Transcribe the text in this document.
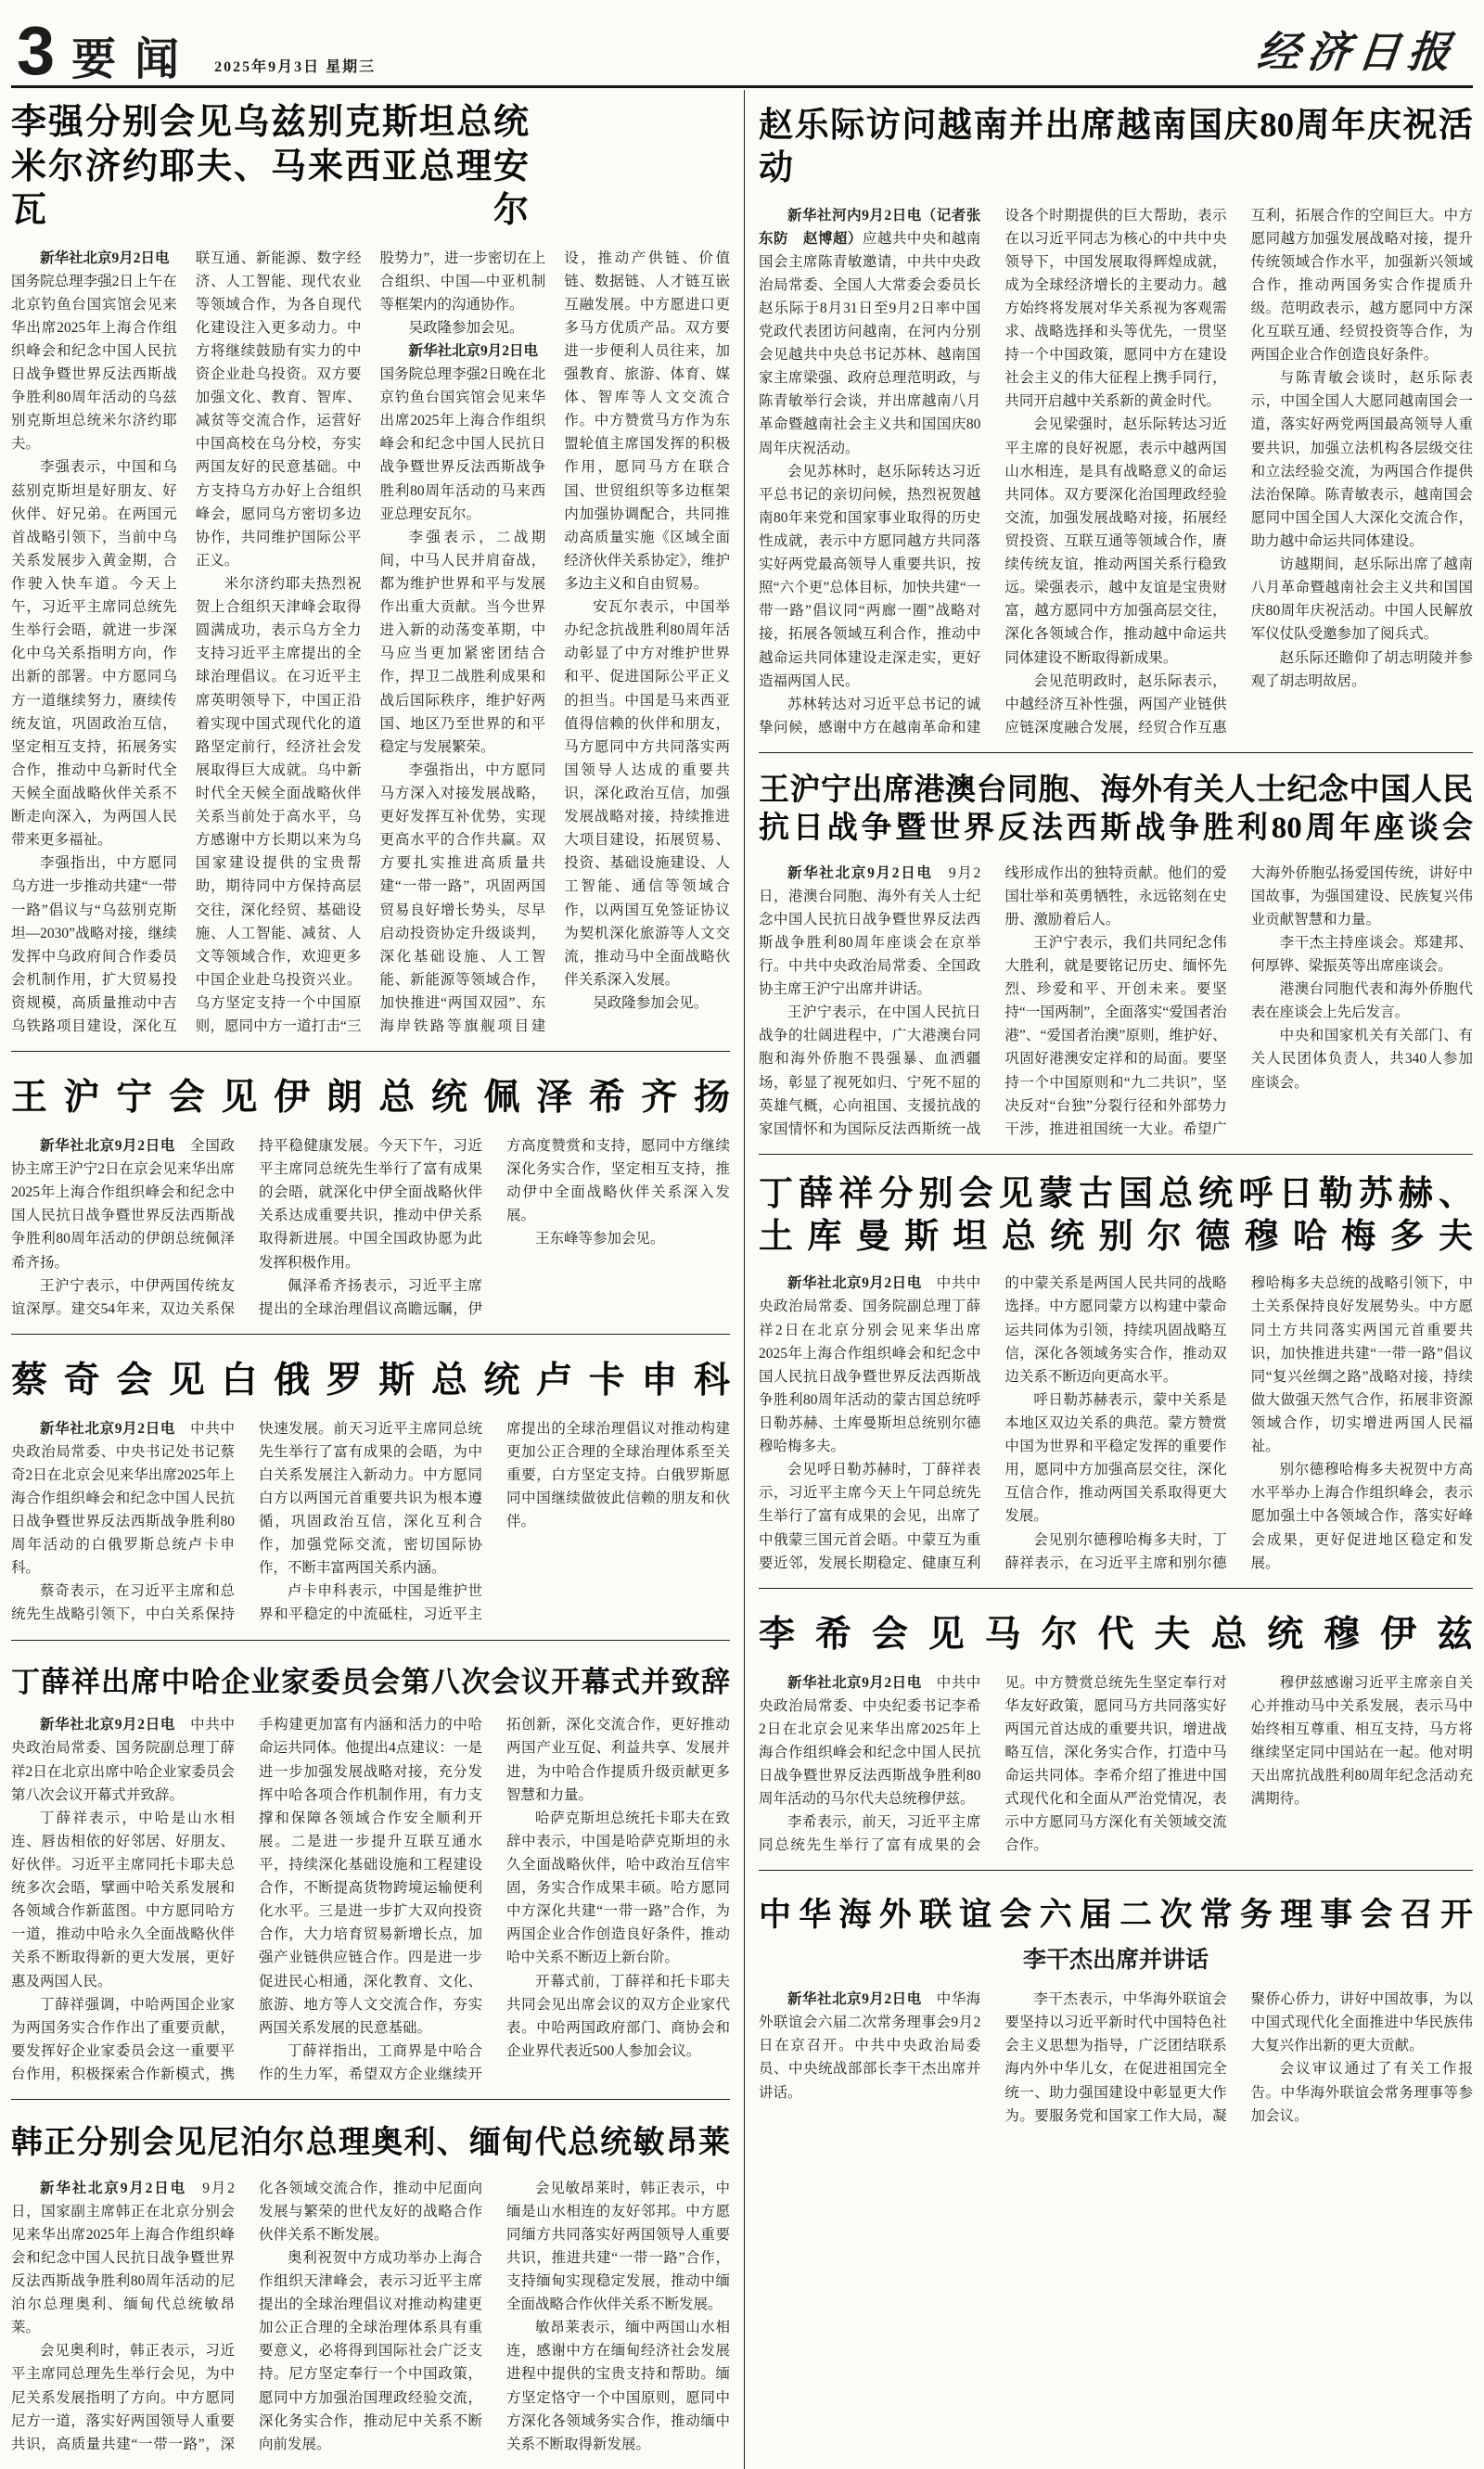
3 要闻 2025年9月3日 星期三	经济日报
李强分别会见乌兹别克斯坦总统
米尔济约耶夫、马来西亚总理安瓦尔

新华社北京9月2日电　国务院总理李强2日上午在北京钓鱼台国宾馆会见来华出席2025年上海合作组织峰会和纪念中国人民抗日战争暨世界反法西斯战争胜利80周年活动的乌兹别克斯坦总统米尔济约耶夫。

李强表示，中国和乌兹别克斯坦是好朋友、好伙伴、好兄弟。在两国元首战略引领下，当前中乌关系发展步入黄金期，合作驶入快车道。今天上午，习近平主席同总统先生举行会晤，就进一步深化中乌关系指明方向，作出新的部署。中方愿同乌方一道继续努力，赓续传统友谊，巩固政治互信，坚定相互支持，拓展务实合作，推动中乌新时代全天候全面战略伙伴关系不断走向深入，为两国人民带来更多福祉。

李强指出，中方愿同乌方进一步推动共建“一带一路”倡议与“乌兹别克斯坦—2030”战略对接，继续发挥中乌政府间合作委员会机制作用，扩大贸易投资规模，高质量推动中吉乌铁路项目建设，深化互联互通、新能源、数字经济、人工智能、现代农业等领域合作，为各自现代化建设注入更多动力。中方将继续鼓励有实力的中资企业赴乌投资。双方要加强文化、教育、智库、减贫等交流合作，运营好中国高校在乌分校，夯实两国友好的民意基础。中方支持乌方办好上合组织峰会，愿同乌方密切多边协作，共同维护国际公平正义。

米尔济约耶夫热烈祝贺上合组织天津峰会取得圆满成功，表示乌方全力支持习近平主席提出的全球治理倡议。在习近平主席英明领导下，中国正沿着实现中国式现代化的道路坚定前行，经济社会发展取得巨大成就。乌中新时代全天候全面战略伙伴关系当前处于高水平，乌方感谢中方长期以来为乌国家建设提供的宝贵帮助，期待同中方保持高层交往，深化经贸、基础设施、人工智能、减贫、人文等领域合作，欢迎更多中国企业赴乌投资兴业。乌方坚定支持一个中国原则，愿同中方一道打击“三股势力”，进一步密切在上合组织、中国—中亚机制等框架内的沟通协作。

吴政隆参加会见。

新华社北京9月2日电　国务院总理李强2日晚在北京钓鱼台国宾馆会见来华出席2025年上海合作组织峰会和纪念中国人民抗日战争暨世界反法西斯战争胜利80周年活动的马来西亚总理安瓦尔。

李强表示，二战期间，中马人民并肩奋战，都为维护世界和平与发展作出重大贡献。当今世界进入新的动荡变革期，中马应当更加紧密团结合作，捍卫二战胜利成果和战后国际秩序，维护好两国、地区乃至世界的和平稳定与发展繁荣。

李强指出，中方愿同马方深入对接发展战略，更好发挥互补优势，实现更高水平的合作共赢。双方要扎实推进高质量共建“一带一路”，巩固两国贸易良好增长势头，尽早启动投资协定升级谈判，深化基础设施、人工智能、新能源等领域合作，加快推进“两国双园”、东海岸铁路等旗舰项目建设，推动产供链、价值链、数据链、人才链互嵌互融发展。中方愿进口更多马方优质产品。双方要进一步便利人员往来，加强教育、旅游、体育、媒体、智库等人文交流合作。中方赞赏马方作为东盟轮值主席国发挥的积极作用，愿同马方在联合国、世贸组织等多边框架内加强协调配合，共同推动高质量实施《区域全面经济伙伴关系协定》，维护多边主义和自由贸易。

安瓦尔表示，中国举办纪念抗战胜利80周年活动彰显了中方对维护世界和平、促进国际公平正义的担当。中国是马来西亚值得信赖的伙伴和朋友，马方愿同中方共同落实两国领导人达成的重要共识，深化政治互信，加强发展战略对接，持续推进大项目建设，拓展贸易、投资、基础设施建设、人工智能、通信等领域合作，以两国互免签证协议为契机深化旅游等人文交流，推动马中全面战略伙伴关系深入发展。

吴政隆参加会见。

王沪宁会见伊朗总统佩泽希齐扬

新华社北京9月2日电　全国政协主席王沪宁2日在京会见来华出席2025年上海合作组织峰会和纪念中国人民抗日战争暨世界反法西斯战争胜利80周年活动的伊朗总统佩泽希齐扬。

王沪宁表示，中伊两国传统友谊深厚。建交54年来，双边关系保持平稳健康发展。今天下午，习近平主席同总统先生举行了富有成果的会晤，就深化中伊全面战略伙伴关系达成重要共识，推动中伊关系取得新进展。中国全国政协愿为此发挥积极作用。

佩泽希齐扬表示，习近平主席提出的全球治理倡议高瞻远瞩，伊方高度赞赏和支持，愿同中方继续深化务实合作，坚定相互支持，推动伊中全面战略伙伴关系深入发展。

王东峰等参加会见。

蔡奇会见白俄罗斯总统卢卡申科

新华社北京9月2日电　中共中央政治局常委、中央书记处书记蔡奇2日在北京会见来华出席2025年上海合作组织峰会和纪念中国人民抗日战争暨世界反法西斯战争胜利80周年活动的白俄罗斯总统卢卡申科。

蔡奇表示，在习近平主席和总统先生战略引领下，中白关系保持快速发展。前天习近平主席同总统先生举行了富有成果的会晤，为中白关系发展注入新动力。中方愿同白方以两国元首重要共识为根本遵循，巩固政治互信，深化互利合作，加强党际交流，密切国际协作，不断丰富两国关系内涵。

卢卡申科表示，中国是维护世界和平稳定的中流砥柱，习近平主席提出的全球治理倡议对推动构建更加公正合理的全球治理体系至关重要，白方坚定支持。白俄罗斯愿同中国继续做彼此信赖的朋友和伙伴。

丁薛祥出席中哈企业家委员会第八次会议开幕式并致辞

新华社北京9月2日电　中共中央政治局常委、国务院副总理丁薛祥2日在北京出席中哈企业家委员会第八次会议开幕式并致辞。

丁薛祥表示，中哈是山水相连、唇齿相依的好邻居、好朋友、好伙伴。习近平主席同托卡耶夫总统多次会晤，擘画中哈关系发展和各领域合作新蓝图。中方愿同哈方一道，推动中哈永久全面战略伙伴关系不断取得新的更大发展，更好惠及两国人民。

丁薛祥强调，中哈两国企业家为两国务实合作作出了重要贡献，要发挥好企业家委员会这一重要平台作用，积极探索合作新模式，携手构建更加富有内涵和活力的中哈命运共同体。他提出4点建议：一是进一步加强发展战略对接，充分发挥中哈各项合作机制作用，有力支撑和保障各领域合作安全顺利开展。二是进一步提升互联互通水平，持续深化基础设施和工程建设合作，不断提高货物跨境运输便利化水平。三是进一步扩大双向投资合作，大力培育贸易新增长点，加强产业链供应链合作。四是进一步促进民心相通，深化教育、文化、旅游、地方等人文交流合作，夯实两国关系发展的民意基础。

丁薛祥指出，工商界是中哈合作的生力军，希望双方企业继续开拓创新，深化交流合作，更好推动两国产业互促、利益共享、发展并进，为中哈合作提质升级贡献更多智慧和力量。

哈萨克斯坦总统托卡耶夫在致辞中表示，中国是哈萨克斯坦的永久全面战略伙伴，哈中政治互信牢固，务实合作成果丰硕。哈方愿同中方深化共建“一带一路”合作，为两国企业合作创造良好条件，推动哈中关系不断迈上新台阶。

开幕式前，丁薛祥和托卡耶夫共同会见出席会议的双方企业家代表。中哈两国政府部门、商协会和企业界代表近500人参加会议。

韩正分别会见尼泊尔总理奥利、缅甸代总统敏昂莱

新华社北京9月2日电　9月2日，国家副主席韩正在北京分别会见来华出席2025年上海合作组织峰会和纪念中国人民抗日战争暨世界反法西斯战争胜利80周年活动的尼泊尔总理奥利、缅甸代总统敏昂莱。

会见奥利时，韩正表示，习近平主席同总理先生举行会见，为中尼关系发展指明了方向。中方愿同尼方一道，落实好两国领导人重要共识，高质量共建“一带一路”，深化各领域交流合作，推动中尼面向发展与繁荣的世代友好的战略合作伙伴关系不断发展。

奥利祝贺中方成功举办上海合作组织天津峰会，表示习近平主席提出的全球治理倡议对推动构建更加公正合理的全球治理体系具有重要意义，必将得到国际社会广泛支持。尼方坚定奉行一个中国政策，愿同中方加强治国理政经验交流，深化务实合作，推动尼中关系不断向前发展。

会见敏昂莱时，韩正表示，中缅是山水相连的友好邻邦。中方愿同缅方共同落实好两国领导人重要共识，推进共建“一带一路”合作，支持缅甸实现稳定发展，推动中缅全面战略合作伙伴关系不断发展。

敏昂莱表示，缅中两国山水相连，感谢中方在缅甸经济社会发展进程中提供的宝贵支持和帮助。缅方坚定恪守一个中国原则，愿同中方深化各领域务实合作，推动缅中关系不断取得新发展。

赵乐际访问越南并出席越南国庆80周年庆祝活动

新华社河内9月2日电（记者张东防　赵博超）应越共中央和越南国会主席陈青敏邀请，中共中央政治局常委、全国人大常委会委员长赵乐际于8月31日至9月2日率中国党政代表团访问越南，在河内分别会见越共中央总书记苏林、越南国家主席梁强、政府总理范明政，与陈青敏举行会谈，并出席越南八月革命暨越南社会主义共和国国庆80周年庆祝活动。

会见苏林时，赵乐际转达习近平总书记的亲切问候，热烈祝贺越南80年来党和国家事业取得的历史性成就，表示中方愿同越方共同落实好两党最高领导人重要共识，按照“六个更”总体目标，加快共建“一带一路”倡议同“两廊一圈”战略对接，拓展各领域互利合作，推动中越命运共同体建设走深走实，更好造福两国人民。

苏林转达对习近平总书记的诚挚问候，感谢中方在越南革命和建设各个时期提供的巨大帮助，表示在以习近平同志为核心的中共中央领导下，中国发展取得辉煌成就，成为全球经济增长的主要动力。越方始终将发展对华关系视为客观需求、战略选择和头等优先，一贯坚持一个中国政策，愿同中方在建设社会主义的伟大征程上携手同行，共同开启越中关系新的黄金时代。

会见梁强时，赵乐际转达习近平主席的良好祝愿，表示中越两国山水相连，是具有战略意义的命运共同体。双方要深化治国理政经验交流，加强发展战略对接，拓展经贸投资、互联互通等领域合作，赓续传统友谊，推动两国关系行稳致远。梁强表示，越中友谊是宝贵财富，越方愿同中方加强高层交往，深化各领域合作，推动越中命运共同体建设不断取得新成果。

会见范明政时，赵乐际表示，中越经济互补性强，两国产业链供应链深度融合发展，经贸合作互惠互利，拓展合作的空间巨大。中方愿同越方加强发展战略对接，提升传统领域合作水平，加强新兴领域合作，推动两国务实合作提质升级。范明政表示，越方愿同中方深化互联互通、经贸投资等合作，为两国企业合作创造良好条件。

与陈青敏会谈时，赵乐际表示，中国全国人大愿同越南国会一道，落实好两党两国最高领导人重要共识，加强立法机构各层级交往和立法经验交流，为两国合作提供法治保障。陈青敏表示，越南国会愿同中国全国人大深化交流合作，助力越中命运共同体建设。

访越期间，赵乐际出席了越南八月革命暨越南社会主义共和国国庆80周年庆祝活动。中国人民解放军仪仗队受邀参加了阅兵式。

赵乐际还瞻仰了胡志明陵并参观了胡志明故居。

王沪宁出席港澳台同胞、海外有关人士纪念中国人民
抗日战争暨世界反法西斯战争胜利80周年座谈会

新华社北京9月2日电　9月2日，港澳台同胞、海外有关人士纪念中国人民抗日战争暨世界反法西斯战争胜利80周年座谈会在京举行。中共中央政治局常委、全国政协主席王沪宁出席并讲话。

王沪宁表示，在中国人民抗日战争的壮阔进程中，广大港澳台同胞和海外侨胞不畏强暴、血洒疆场，彰显了视死如归、宁死不屈的英雄气概，心向祖国、支援抗战的家国情怀和为国际反法西斯统一战线形成作出的独特贡献。他们的爱国壮举和英勇牺牲，永远铭刻在史册、激励着后人。

王沪宁表示，我们共同纪念伟大胜利，就是要铭记历史、缅怀先烈、珍爱和平、开创未来。要坚持“一国两制”，全面落实“爱国者治港”、“爱国者治澳”原则，维护好、巩固好港澳安定祥和的局面。要坚持一个中国原则和“九二共识”，坚决反对“台独”分裂行径和外部势力干涉，推进祖国统一大业。希望广大海外侨胞弘扬爱国传统，讲好中国故事，为强国建设、民族复兴伟业贡献智慧和力量。

李干杰主持座谈会。郑建邦、何厚铧、梁振英等出席座谈会。

港澳台同胞代表和海外侨胞代表在座谈会上先后发言。

中央和国家机关有关部门、有关人民团体负责人，共340人参加座谈会。

丁薛祥分别会见蒙古国总统呼日勒苏赫、
土库曼斯坦总统别尔德穆哈梅多夫

新华社北京9月2日电　中共中央政治局常委、国务院副总理丁薛祥2日在北京分别会见来华出席2025年上海合作组织峰会和纪念中国人民抗日战争暨世界反法西斯战争胜利80周年活动的蒙古国总统呼日勒苏赫、土库曼斯坦总统别尔德穆哈梅多夫。

会见呼日勒苏赫时，丁薛祥表示，习近平主席今天上午同总统先生举行了富有成果的会见，出席了中俄蒙三国元首会晤。中蒙互为重要近邻，发展长期稳定、健康互利的中蒙关系是两国人民共同的战略选择。中方愿同蒙方以构建中蒙命运共同体为引领，持续巩固战略互信，深化各领域务实合作，推动双边关系不断迈向更高水平。

呼日勒苏赫表示，蒙中关系是本地区双边关系的典范。蒙方赞赏中国为世界和平稳定发挥的重要作用，愿同中方加强高层交往，深化互信合作，推动两国关系取得更大发展。

会见别尔德穆哈梅多夫时，丁薛祥表示，在习近平主席和别尔德穆哈梅多夫总统的战略引领下，中土关系保持良好发展势头。中方愿同土方共同落实两国元首重要共识，加快推进共建“一带一路”倡议同“复兴丝绸之路”战略对接，持续做大做强天然气合作，拓展非资源领域合作，切实增进两国人民福祉。

别尔德穆哈梅多夫祝贺中方高水平举办上海合作组织峰会，表示愿加强土中各领域合作，落实好峰会成果，更好促进地区稳定和发展。

李希会见马尔代夫总统穆伊兹

新华社北京9月2日电　中共中央政治局常委、中央纪委书记李希2日在北京会见来华出席2025年上海合作组织峰会和纪念中国人民抗日战争暨世界反法西斯战争胜利80周年活动的马尔代夫总统穆伊兹。

李希表示，前天，习近平主席同总统先生举行了富有成果的会见。中方赞赏总统先生坚定奉行对华友好政策，愿同马方共同落实好两国元首达成的重要共识，增进战略互信，深化务实合作，打造中马命运共同体。李希介绍了推进中国式现代化和全面从严治党情况，表示中方愿同马方深化有关领域交流合作。

穆伊兹感谢习近平主席亲自关心并推动马中关系发展，表示马中始终相互尊重、相互支持，马方将继续坚定同中国站在一起。他对明天出席抗战胜利80周年纪念活动充满期待。

中华海外联谊会六届二次常务理事会召开
李干杰出席并讲话

新华社北京9月2日电　中华海外联谊会六届二次常务理事会9月2日在京召开。中共中央政治局委员、中央统战部部长李干杰出席并讲话。

李干杰表示，中华海外联谊会要坚持以习近平新时代中国特色社会主义思想为指导，广泛团结联系海内外中华儿女，在促进祖国完全统一、助力强国建设中彰显更大作为。要服务党和国家工作大局，凝聚侨心侨力，讲好中国故事，为以中国式现代化全面推进中华民族伟大复兴作出新的更大贡献。

会议审议通过了有关工作报告。中华海外联谊会常务理事等参加会议。
